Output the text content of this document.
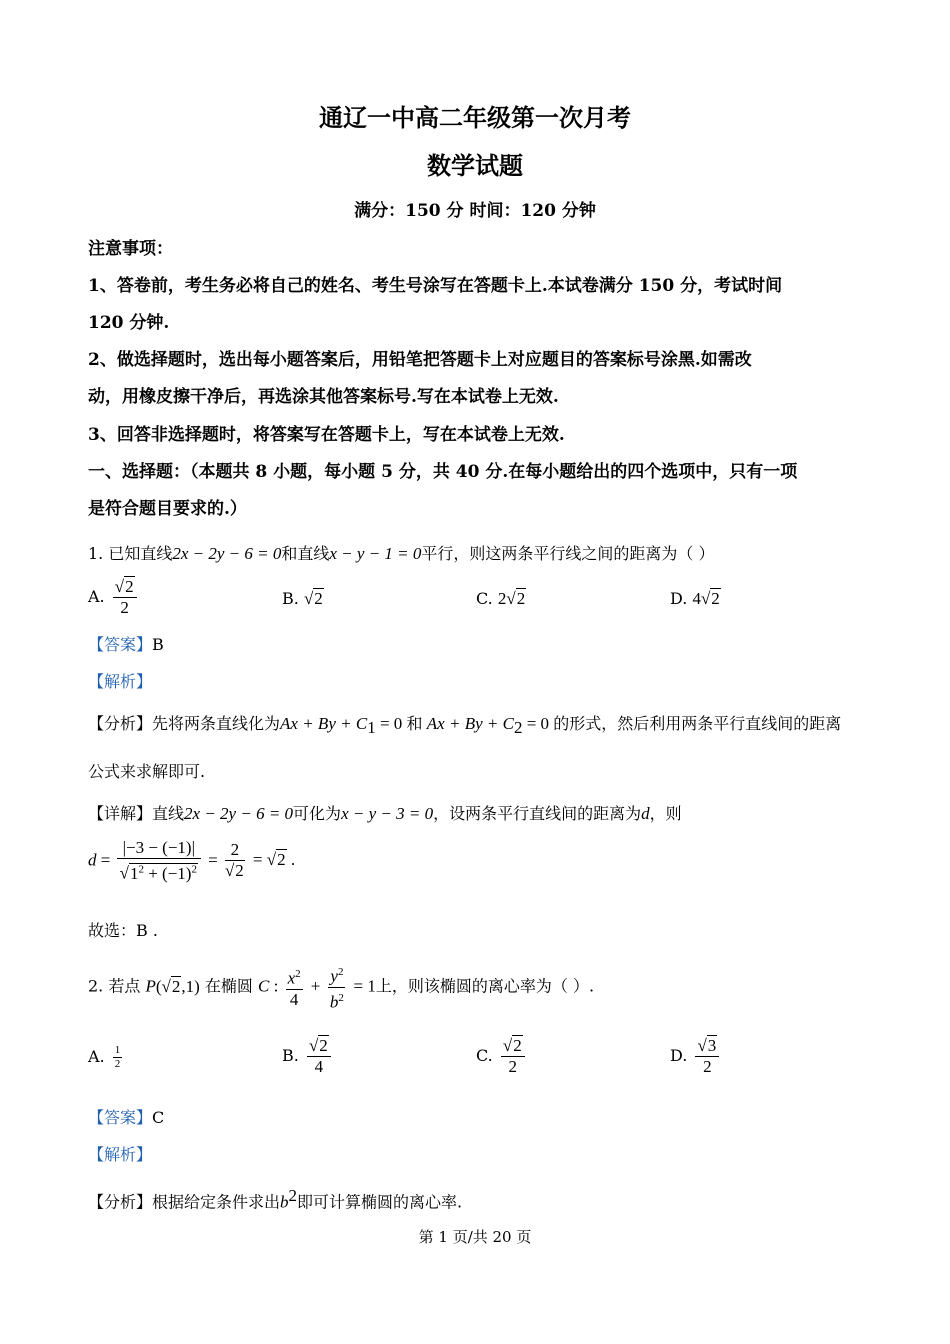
通辽一中高二年级第一次月考
数学试题
满分：150 分 时间：120 分钟
注意事项：
1、答卷前，考生务必将自己的姓名、考生号涂写在答题卡上.本试卷满分 150 分，考试时间
120 分钟.
2、做选择题时，选出每小题答案后，用铅笔把答题卡上对应题目的答案标号涂黑.如需改
动，用橡皮擦干净后，再选涂其他答案标号.写在本试卷上无效.
3、回答非选择题时，将答案写在答题卡上，写在本试卷上无效.
一、选择题：（本题共 8 小题，每小题 5 分，共 40 分.在每小题给出的四个选项中，只有一项
是符合题目要求的.）
1. 已知直线2x − 2y − 6 = 0和直线x − y − 1 = 0平行，则这两条平行线之间的距离为（ ）
A. $\frac{√2}{2}$	B. √2	C. 2√2	D. 4√2
【答案】B
【解析】
【分析】先将两条直线化为$Ax + By + C_1 = 0$ 和 $Ax + By + C_2 = 0$ 的形式，然后利用两条平行直线间的距离
公式来求解即可.
【详解】直线2x − 2y − 6 = 0可化为x − y − 3 = 0，设两条平行直线间的距离为d，则
$d = \frac{|-3 - (-1)|}{√1^2 + (-1)^2} = \frac{2}{√2} = √2$ .
故选：B .
2. 若点 P(√2,1) 在椭圆 C : $\frac{x^2}{4} + \frac{y^2}{b^2} = 1$上，则该椭圆的离心率为（ ）.
A. $\frac{1}{2}$	B. $\frac{√2}{4}$	C. $\frac{√2}{2}$	D. $\frac{√3}{2}$
【答案】C
【解析】
【分析】根据给定条件求出$b^2$即可计算椭圆的离心率.
第 1 页/共 20 页
